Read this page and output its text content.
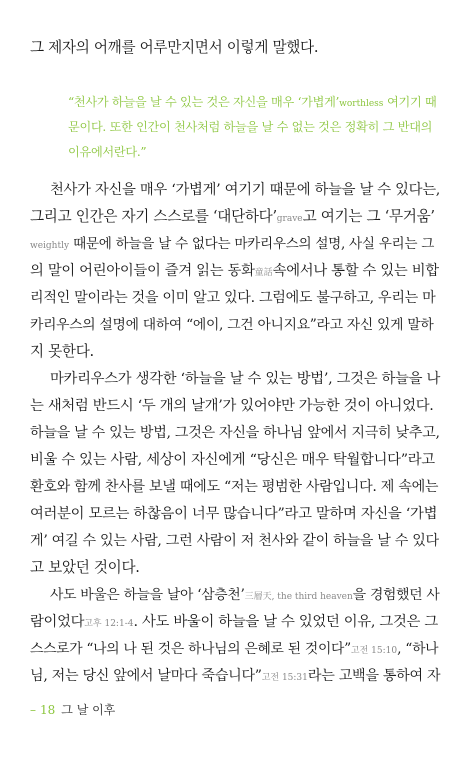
그 제자의 어깨를 어루만지면서 이렇게 말했다.
“천사가 하늘을 날 수 있는 것은 자신을 매우 ‘가볍게’worthless 여기기 때
문이다. 또한 인간이 천사처럼 하늘을 날 수 없는 것은 정확히 그 반대의
이유에서란다.”
천사가 자신을 매우 ‘가볍게’ 여기기 때문에 하늘을 날 수 있다는,
그리고 인간은 자기 스스로를 ‘대단하다’grave고 여기는 그 ‘무거움’
weightly 때문에 하늘을 날 수 없다는 마카리우스의 설명, 사실 우리는 그
의 말이 어린아이들이 즐겨 읽는 동화童話속에서나 통할 수 있는 비합
리적인 말이라는 것을 이미 알고 있다. 그럼에도 불구하고, 우리는 마
카리우스의 설명에 대하여 “에이, 그건 아니지요”라고 자신 있게 말하
지 못한다.
마카리우스가 생각한 ‘하늘을 날 수 있는 방법’, 그것은 하늘을 나
는 새처럼 반드시 ‘두 개의 날개’가 있어야만 가능한 것이 아니었다.
하늘을 날 수 있는 방법, 그것은 자신을 하나님 앞에서 지극히 낮추고,
비울 수 있는 사람, 세상이 자신에게 “당신은 매우 탁월합니다”라고
환호와 함께 찬사를 보낼 때에도 “저는 평범한 사람입니다. 제 속에는
여러분이 모르는 하찮음이 너무 많습니다”라고 말하며 자신을 ‘가볍
게’ 여길 수 있는 사람, 그런 사람이 저 천사와 같이 하늘을 날 수 있다
고 보았던 것이다.
사도 바울은 하늘을 날아 ‘삼층천’三層天, the third heaven을 경험했던 사
람이었다고후 12:1-4. 사도 바울이 하늘을 날 수 있었던 이유, 그것은 그
스스로가 “나의 나 된 것은 하나님의 은혜로 된 것이다”고전 15:10, “하나
님, 저는 당신 앞에서 날마다 죽습니다”고전 15:31라는 고백을 통하여 자
– 18 그 날 이후
